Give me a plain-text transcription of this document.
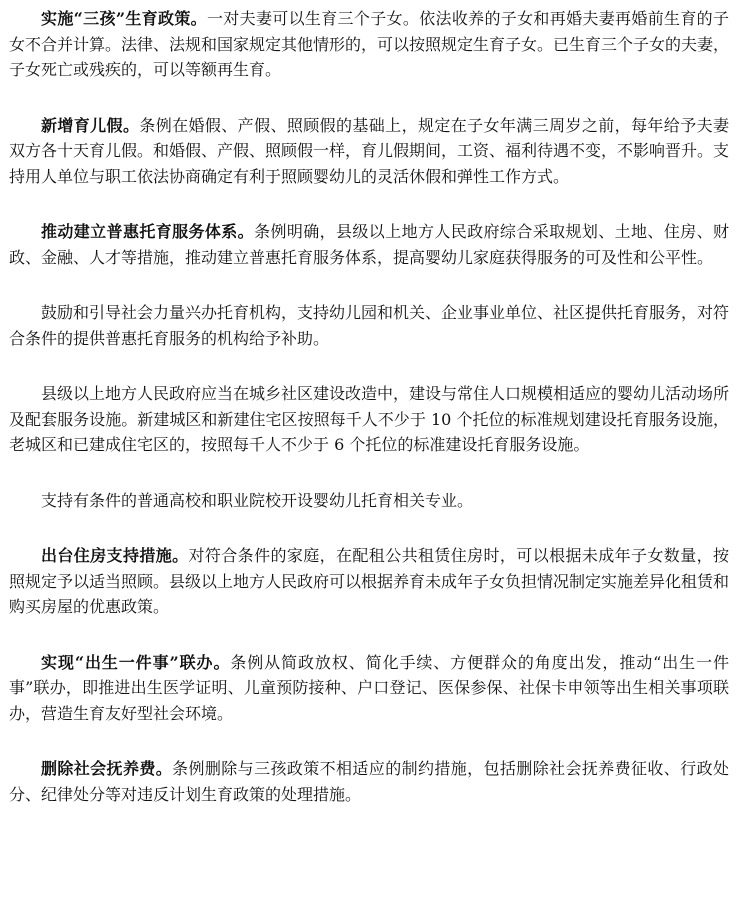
实施“三孩”生育政策。一对夫妻可以生育三个子女。依法收养的子女和再婚夫妻再婚前生育的子女不合并计算。法律、法规和国家规定其他情形的，可以按照规定生育子女。已生育三个子女的夫妻，子女死亡或残疾的，可以等额再生育。

新增育儿假。条例在婚假、产假、照顾假的基础上，规定在子女年满三周岁之前，每年给予夫妻双方各十天育儿假。和婚假、产假、照顾假一样，育儿假期间，工资、福利待遇不变，不影响晋升。支持用人单位与职工依法协商确定有利于照顾婴幼儿的灵活休假和弹性工作方式。

推动建立普惠托育服务体系。条例明确，县级以上地方人民政府综合采取规划、土地、住房、财政、金融、人才等措施，推动建立普惠托育服务体系，提高婴幼儿家庭获得服务的可及性和公平性。

鼓励和引导社会力量兴办托育机构，支持幼儿园和机关、企业事业单位、社区提供托育服务，对符合条件的提供普惠托育服务的机构给予补助。

县级以上地方人民政府应当在城乡社区建设改造中，建设与常住人口规模相适应的婴幼儿活动场所及配套服务设施。新建城区和新建住宅区按照每千人不少于 10 个托位的标准规划建设托育服务设施，老城区和已建成住宅区的，按照每千人不少于 6 个托位的标准建设托育服务设施。

支持有条件的普通高校和职业院校开设婴幼儿托育相关专业。

出台住房支持措施。对符合条件的家庭，在配租公共租赁住房时，可以根据未成年子女数量，按照规定予以适当照顾。县级以上地方人民政府可以根据养育未成年子女负担情况制定实施差异化租赁和购买房屋的优惠政策。

实现“出生一件事”联办。条例从简政放权、简化手续、方便群众的角度出发，推动“出生一件事”联办，即推进出生医学证明、儿童预防接种、户口登记、医保参保、社保卡申领等出生相关事项联办，营造生育友好型社会环境。

删除社会抚养费。条例删除与三孩政策不相适应的制约措施，包括删除社会抚养费征收、行政处分、纪律处分等对违反计划生育政策的处理措施。
